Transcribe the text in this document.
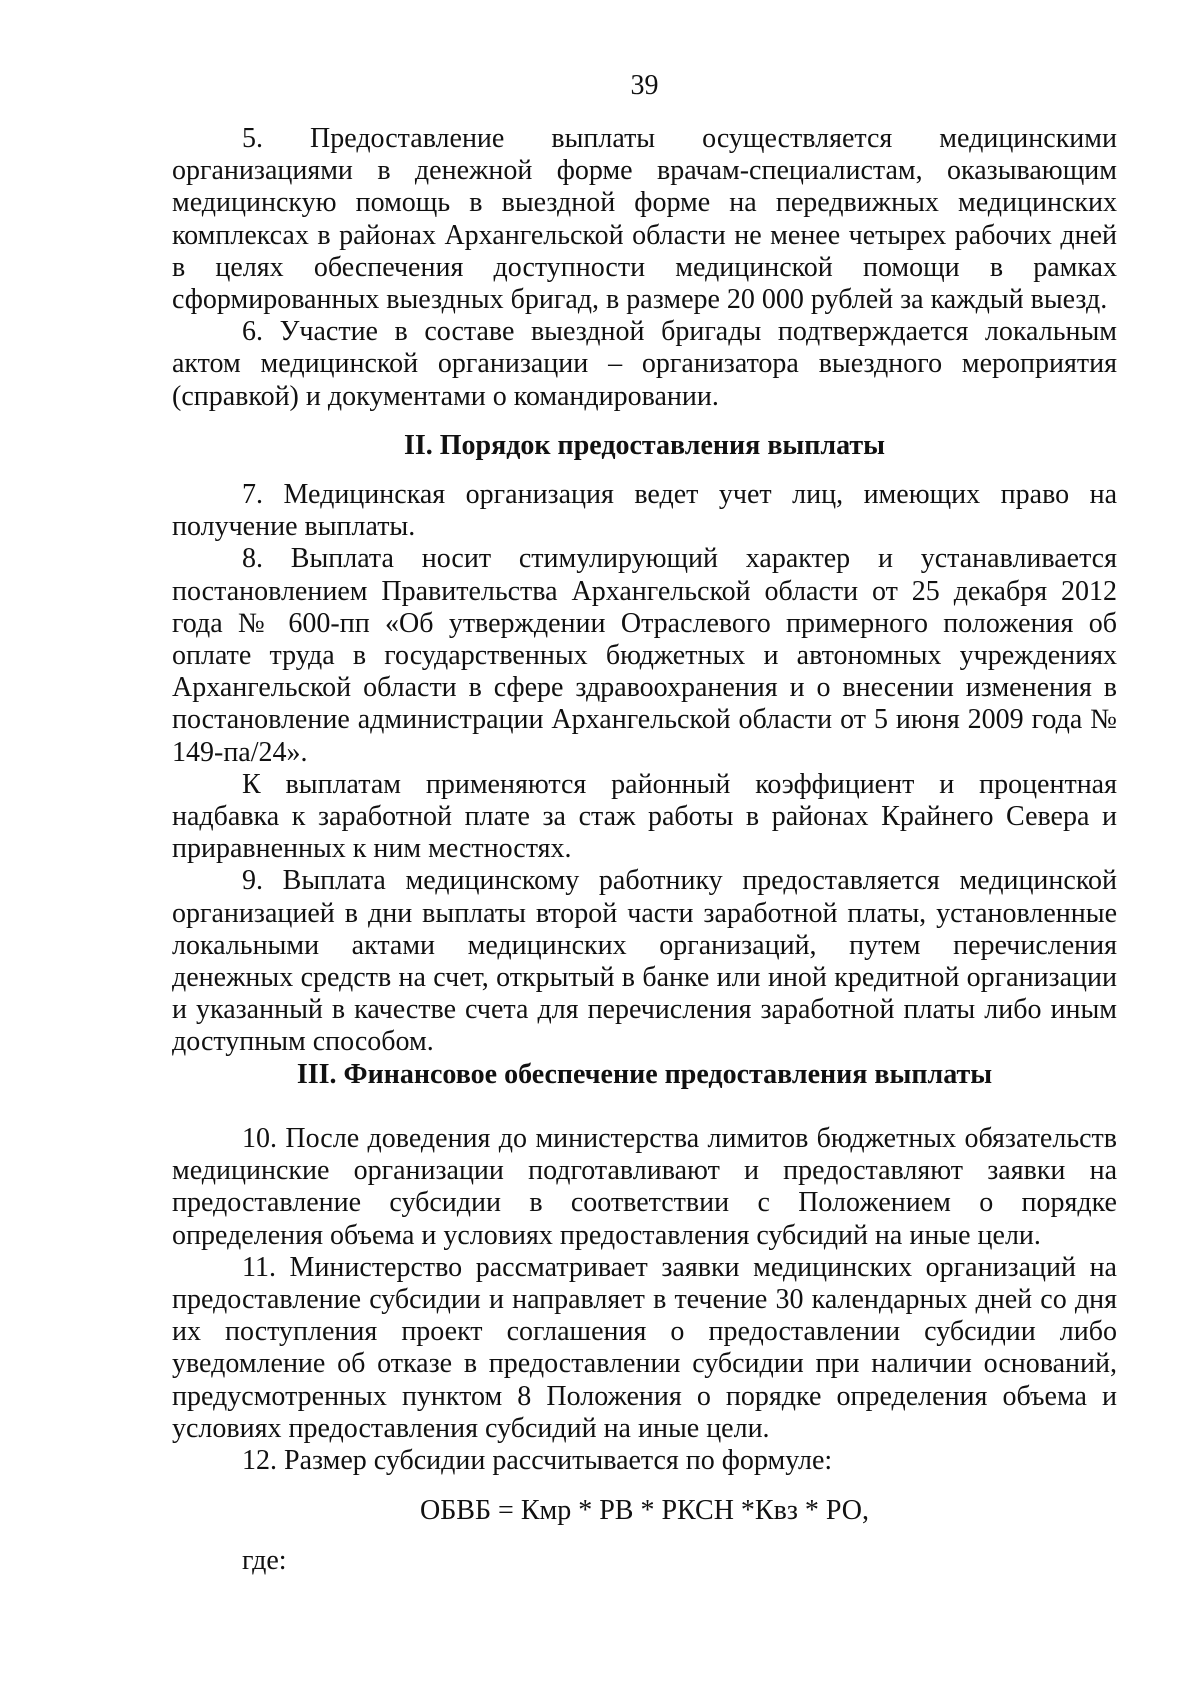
39

5. Предоставление выплаты осуществляется медицинскими организациями в денежной форме врачам-специалистам, оказывающим медицинскую помощь в выездной форме на передвижных медицинских комплексах в районах Архангельской области не менее четырех рабочих дней в целях обеспечения доступности медицинской помощи в рамках сформированных выездных бригад, в размере 20 000 рублей за каждый выезд.

6. Участие в составе выездной бригады подтверждается локальным актом медицинской организации – организатора выездного мероприятия (справкой) и документами о командировании.

II. Порядок предоставления выплаты

7. Медицинская организация ведет учет лиц, имеющих право на получение выплаты.

8. Выплата носит стимулирующий характер и устанавливается постановлением Правительства Архангельской области от 25 декабря 2012 года № 600-пп «Об утверждении Отраслевого примерного положения об оплате труда в государственных бюджетных и автономных учреждениях Архангельской области в сфере здравоохранения и о внесении изменения в постановление администрации Архангельской области от 5 июня 2009 года № 149-па/24».

К выплатам применяются районный коэффициент и процентная надбавка к заработной плате за стаж работы в районах Крайнего Севера и приравненных к ним местностях.

9. Выплата медицинскому работнику предоставляется медицинской организацией в дни выплаты второй части заработной платы, установленные локальными актами медицинских организаций, путем перечисления денежных средств на счет, открытый в банке или иной кредитной организации и указанный в качестве счета для перечисления заработной платы либо иным доступным способом.

III. Финансовое обеспечение предоставления выплаты

10. После доведения до министерства лимитов бюджетных обязательств медицинские организации подготавливают и предоставляют заявки на предоставление субсидии в соответствии с Положением о порядке определения объема и условиях предоставления субсидий на иные цели.

11. Министерство рассматривает заявки медицинских организаций на предоставление субсидии и направляет в течение 30 календарных дней со дня их поступления проект соглашения о предоставлении субсидии либо уведомление об отказе в предоставлении субсидии при наличии оснований, предусмотренных пунктом 8 Положения о порядке определения объема и условиях предоставления субсидий на иные цели.

12. Размер субсидии рассчитывается по формуле:

ОБВБ = Кмр * РВ * РКСН *Квз * РО,

где:
